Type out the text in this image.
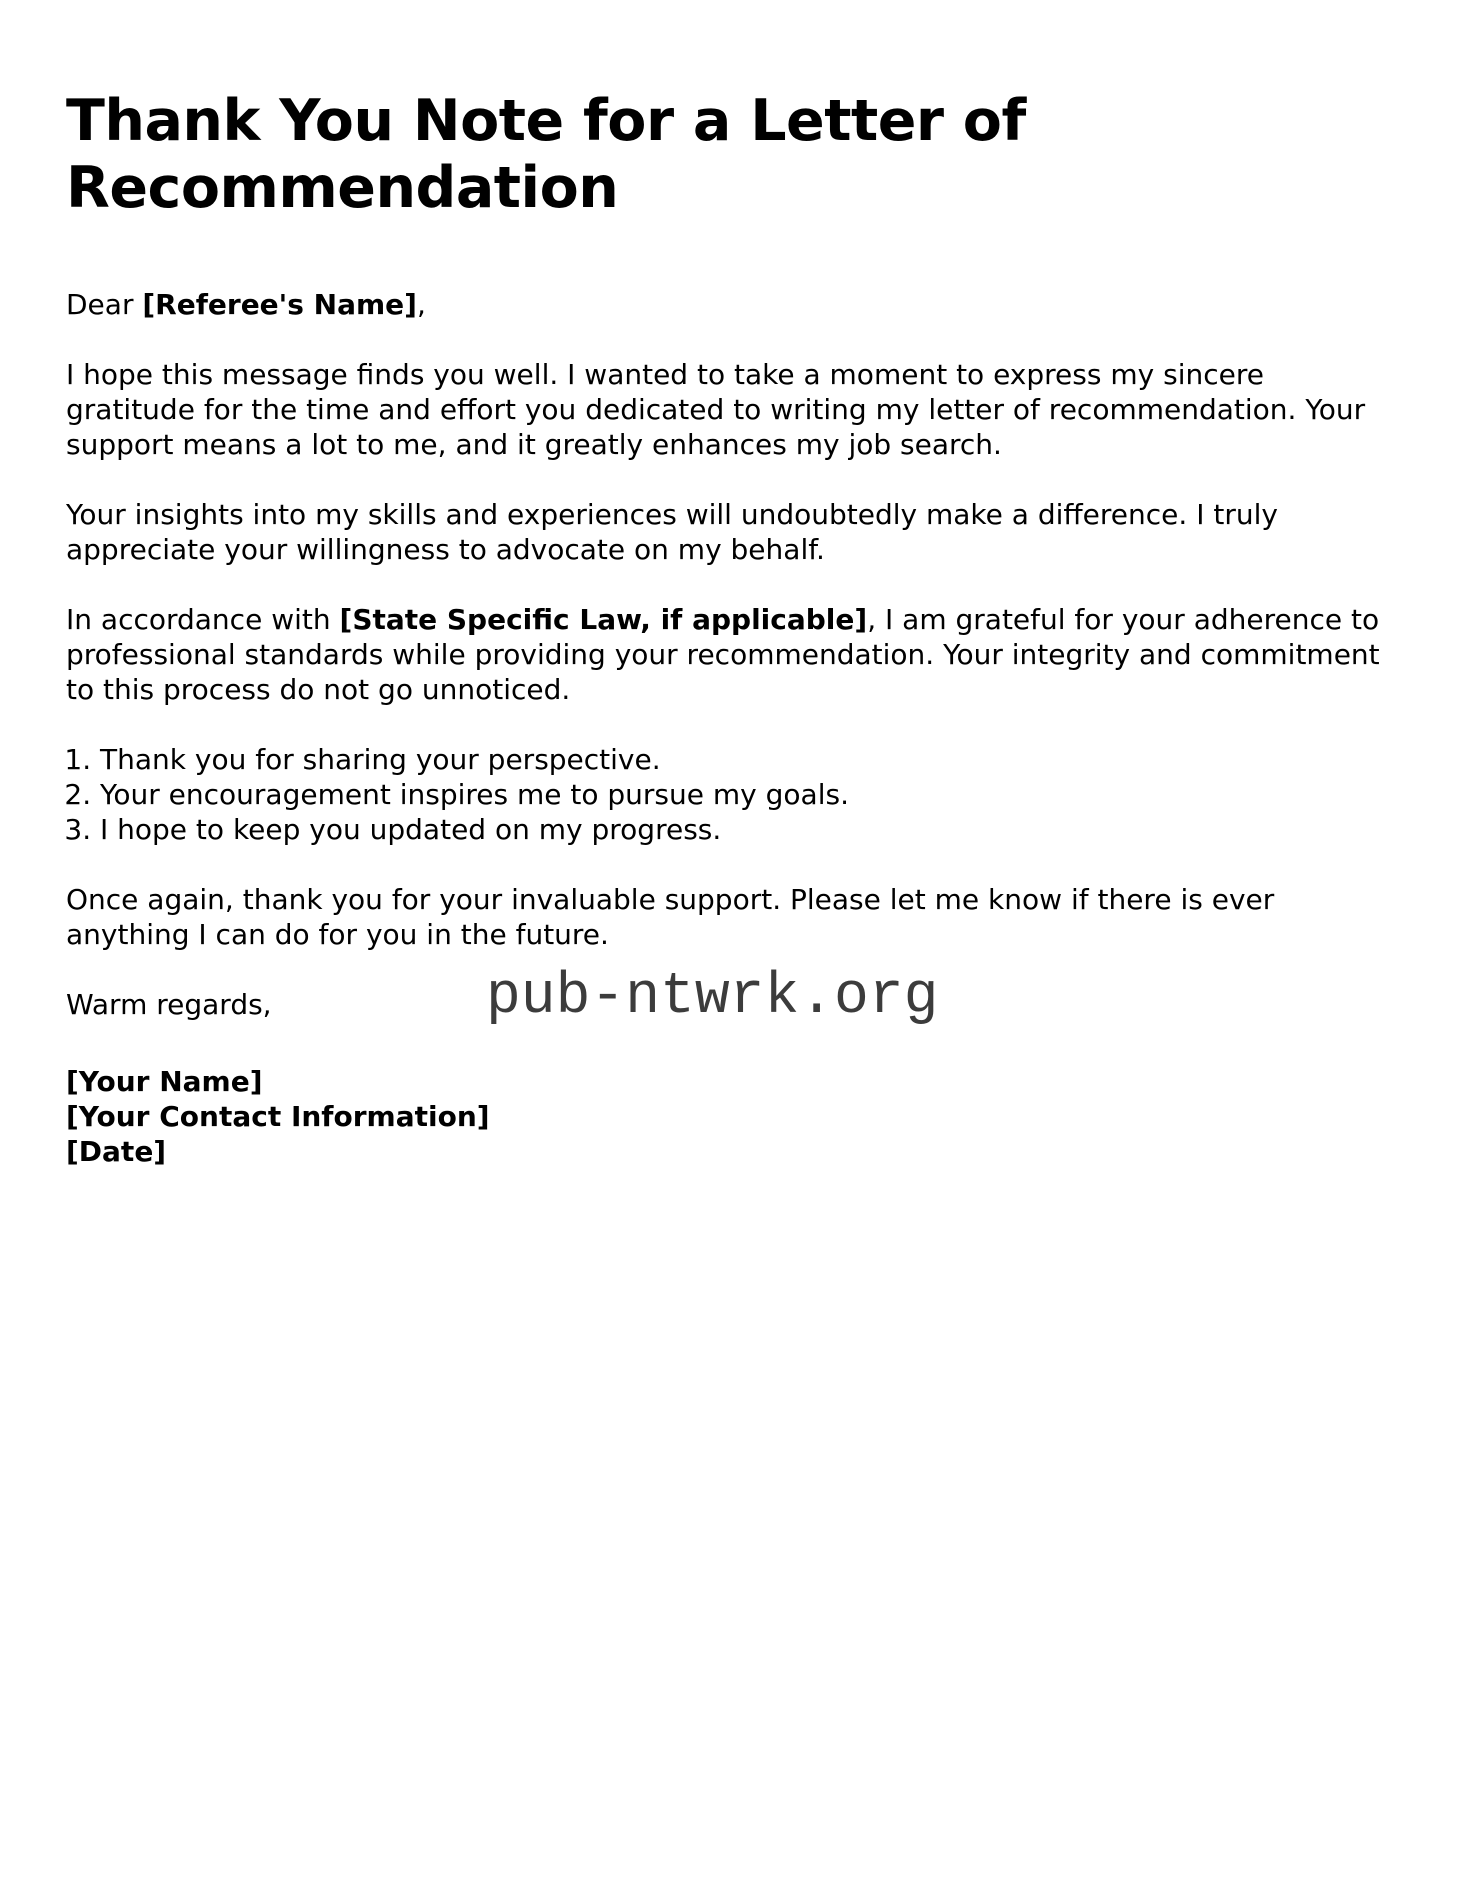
Thank You Note for a Letter of Recommendation

Dear [Referee's Name],

I hope this message finds you well. I wanted to take a moment to express my sincere gratitude for the time and effort you dedicated to writing my letter of recommendation. Your support means a lot to me, and it greatly enhances my job search.

Your insights into my skills and experiences will undoubtedly make a difference. I truly appreciate your willingness to advocate on my behalf.

In accordance with [State Specific Law, if applicable], I am grateful for your adherence to professional standards while providing your recommendation. Your integrity and commitment to this process do not go unnoticed.

1. Thank you for sharing your perspective.
2. Your encouragement inspires me to pursue my goals.
3. I hope to keep you updated on my progress.

Once again, thank you for your invaluable support. Please let me know if there is ever anything I can do for you in the future.

Warm regards,	pub-ntwrk.org
[Your Name]
[Your Contact Information]
[Date]
